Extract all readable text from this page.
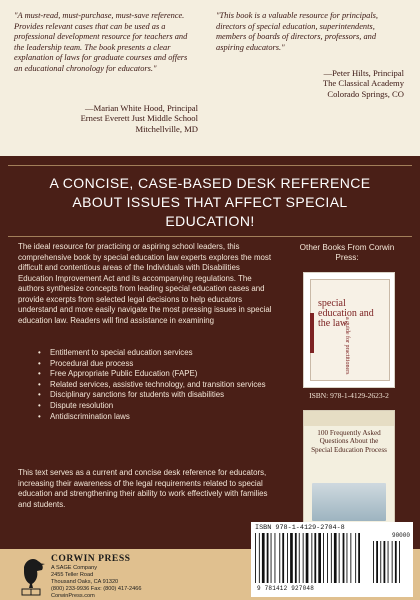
"A must-read, must-purchase, must-save reference. Provides relevant cases that can be used as a professional development resource for teachers and the leadership team. The book presents a clear explanation of laws for graduate courses and offers an educational chronology for educators."
—Marian White Hood, Principal
Ernest Everett Just Middle School
Mitchellville, MD
"This book is a valuable resource for principals, directors of special education, superintendents, members of boards of directors, professors, and aspiring educators."
—Peter Hilts, Principal
The Classical Academy
Colorado Springs, CO
A CONCISE, CASE-BASED DESK REFERENCE ABOUT ISSUES THAT AFFECT SPECIAL EDUCATION!
The ideal resource for practicing or aspiring school leaders, this comprehensive book by special education law experts explores the most difficult and contentious areas of the Individuals with Disabilities Education Improvement Act and its accompanying regulations. The authors synthesize concepts from leading special education cases and provide excerpts from selected legal decisions to help educators understand and more easily navigate the most pressing issues in special education law. Readers will find assistance in examining
• Entitlement to special education services
• Procedural due process
• Free Appropriate Public Education (FAPE)
• Related services, assistive technology, and transition services
• Disciplinary sanctions for students with disabilities
• Dispute resolution
• Antidiscrimination laws
This text serves as a current and concise desk reference for educators, increasing their awareness of the legal requirements related to special education and strengthening their ability to work effectively with families and students.
Other Books From Corwin Press:
special education and the law
ISBN: 978-1-4129-2623-2
100 Frequently Asked Questions About the Special Education Process
CORWIN PRESS
A SAGE Company
2455 Teller Road
Thousand Oaks, CA 91320
(800) 233-9936 Fax: (800) 417-2466
CorwinPress.com
ISBN 978-1-4129-2704-8
90000
9 781412 927048
